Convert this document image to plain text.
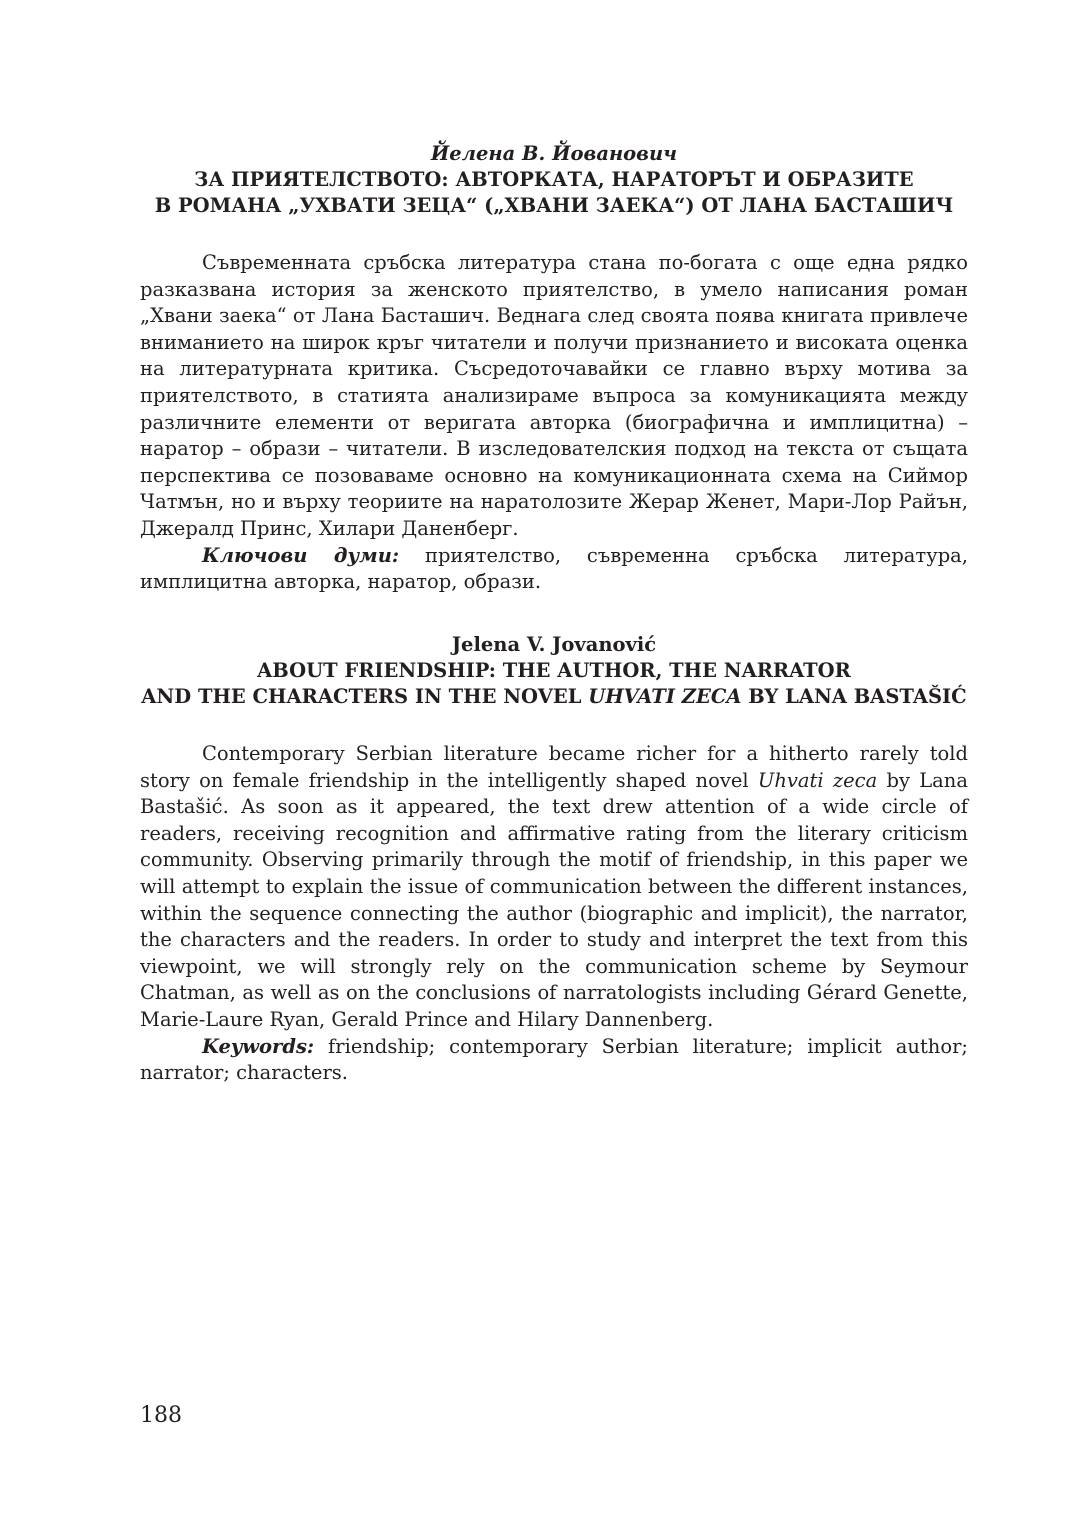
Йелена В. Йованович
ЗА ПРИЯТЕЛСТВОТО: АВТОРКАТА, НАРАТОРЪТ И ОБРАЗИТЕ
В РОМАНА „УХВАТИ ЗЕЦА“ („ХВАНИ ЗАЕКА“) ОТ ЛАНА БАСТАШИЧ

Съвременната сръбска литература стана по-богата с още една рядко разказвана история за женското приятелство, в умело написания роман „Хвани заека“ от Лана Басташич. Веднага след своята поява книгата привлече вниманието на широк кръг читатели и получи признанието и високата оценка на литературната критика. Съсредоточавайки се главно върху мотива за приятелството, в статията анализираме въпроса за комуникацията между различните елементи от веригата авторка (биографична и имплицитна) – наратор – образи – читатели. В изследователския подход на текста от същата перспектива се позоваваме основно на комуникационната схема на Сиймор Чатмън, но и върху теориите на наратолозите Жерар Женет, Мари-Лор Райън, Джералд Принс, Хилари Даненберг.

Ключови думи: приятелство, съвременна сръбска литература, имплицитна авторка, наратор, образи.

Jelena V. Jovanović
ABOUT FRIENDSHIP: THE AUTHOR, THE NARRATOR
AND THE CHARACTERS IN THE NOVEL UHVATI ZECA BY LANA BASTAŠIĆ

Contemporary Serbian literature became richer for a hitherto rarely told story on female friendship in the intelligently shaped novel Uhvati zeca by Lana Bastašić. As soon as it appeared, the text drew attention of a wide circle of readers, receiving recognition and affirmative rating from the literary criticism community. Observing primarily through the motif of friendship, in this paper we will attempt to explain the issue of communication between the different instances, within the sequence connecting the author (biographic and implicit), the narrator, the characters and the readers. In order to study and interpret the text from this viewpoint, we will strongly rely on the communication scheme by Seymour Chatman, as well as on the conclusions of narratologists including Gérard Genette, Marie-Laure Ryan, Gerald Prince and Hilary Dannenberg.

Keywords: friendship; contemporary Serbian literature; implicit author; narrator; characters.

188
